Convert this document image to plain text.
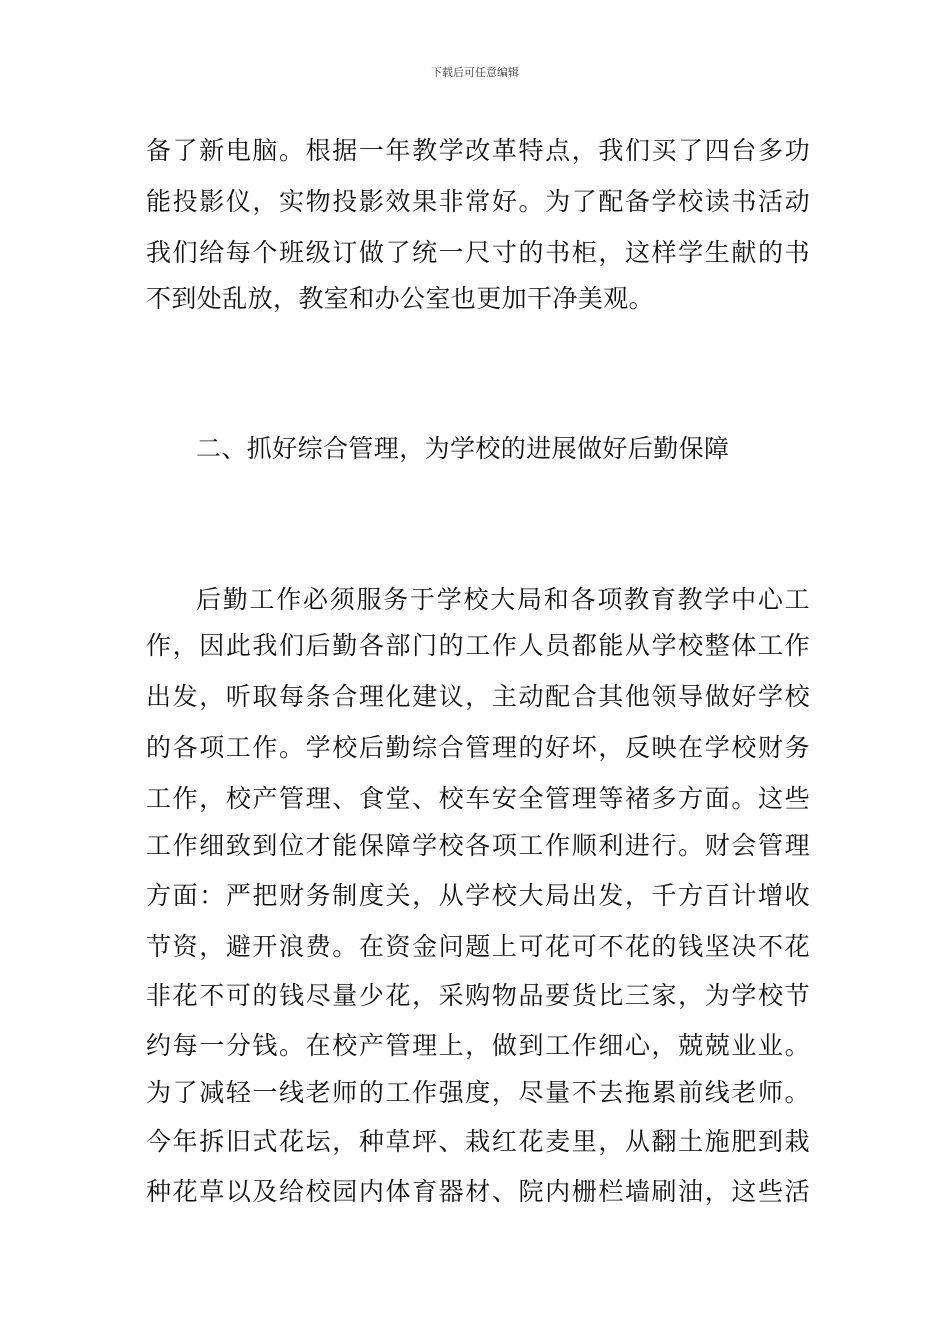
下载后可任意编辑
备了新电脑。根据一年教学改革特点，我们买了四台多功
能投影仪，实物投影效果非常好。为了配备学校读书活动
我们给每个班级订做了统一尺寸的书柜，这样学生献的书
不到处乱放，教室和办公室也更加干净美观。
二、抓好综合管理，为学校的进展做好后勤保障
后勤工作必须服务于学校大局和各项教育教学中心工
作，因此我们后勤各部门的工作人员都能从学校整体工作
出发，听取每条合理化建议，主动配合其他领导做好学校
的各项工作。学校后勤综合管理的好坏，反映在学校财务
工作，校产管理、食堂、校车安全管理等褚多方面。这些
工作细致到位才能保障学校各项工作顺利进行。财会管理
方面：严把财务制度关，从学校大局出发，千方百计增收
节资，避开浪费。在资金问题上可花可不花的钱坚决不花
非花不可的钱尽量少花，采购物品要货比三家，为学校节
约每一分钱。在校产管理上，做到工作细心，兢兢业业。
为了减轻一线老师的工作强度，尽量不去拖累前线老师。
今年拆旧式花坛，种草坪、栽红花麦里，从翻土施肥到栽
种花草以及给校园内体育器材、院内栅栏墙刷油，这些活
